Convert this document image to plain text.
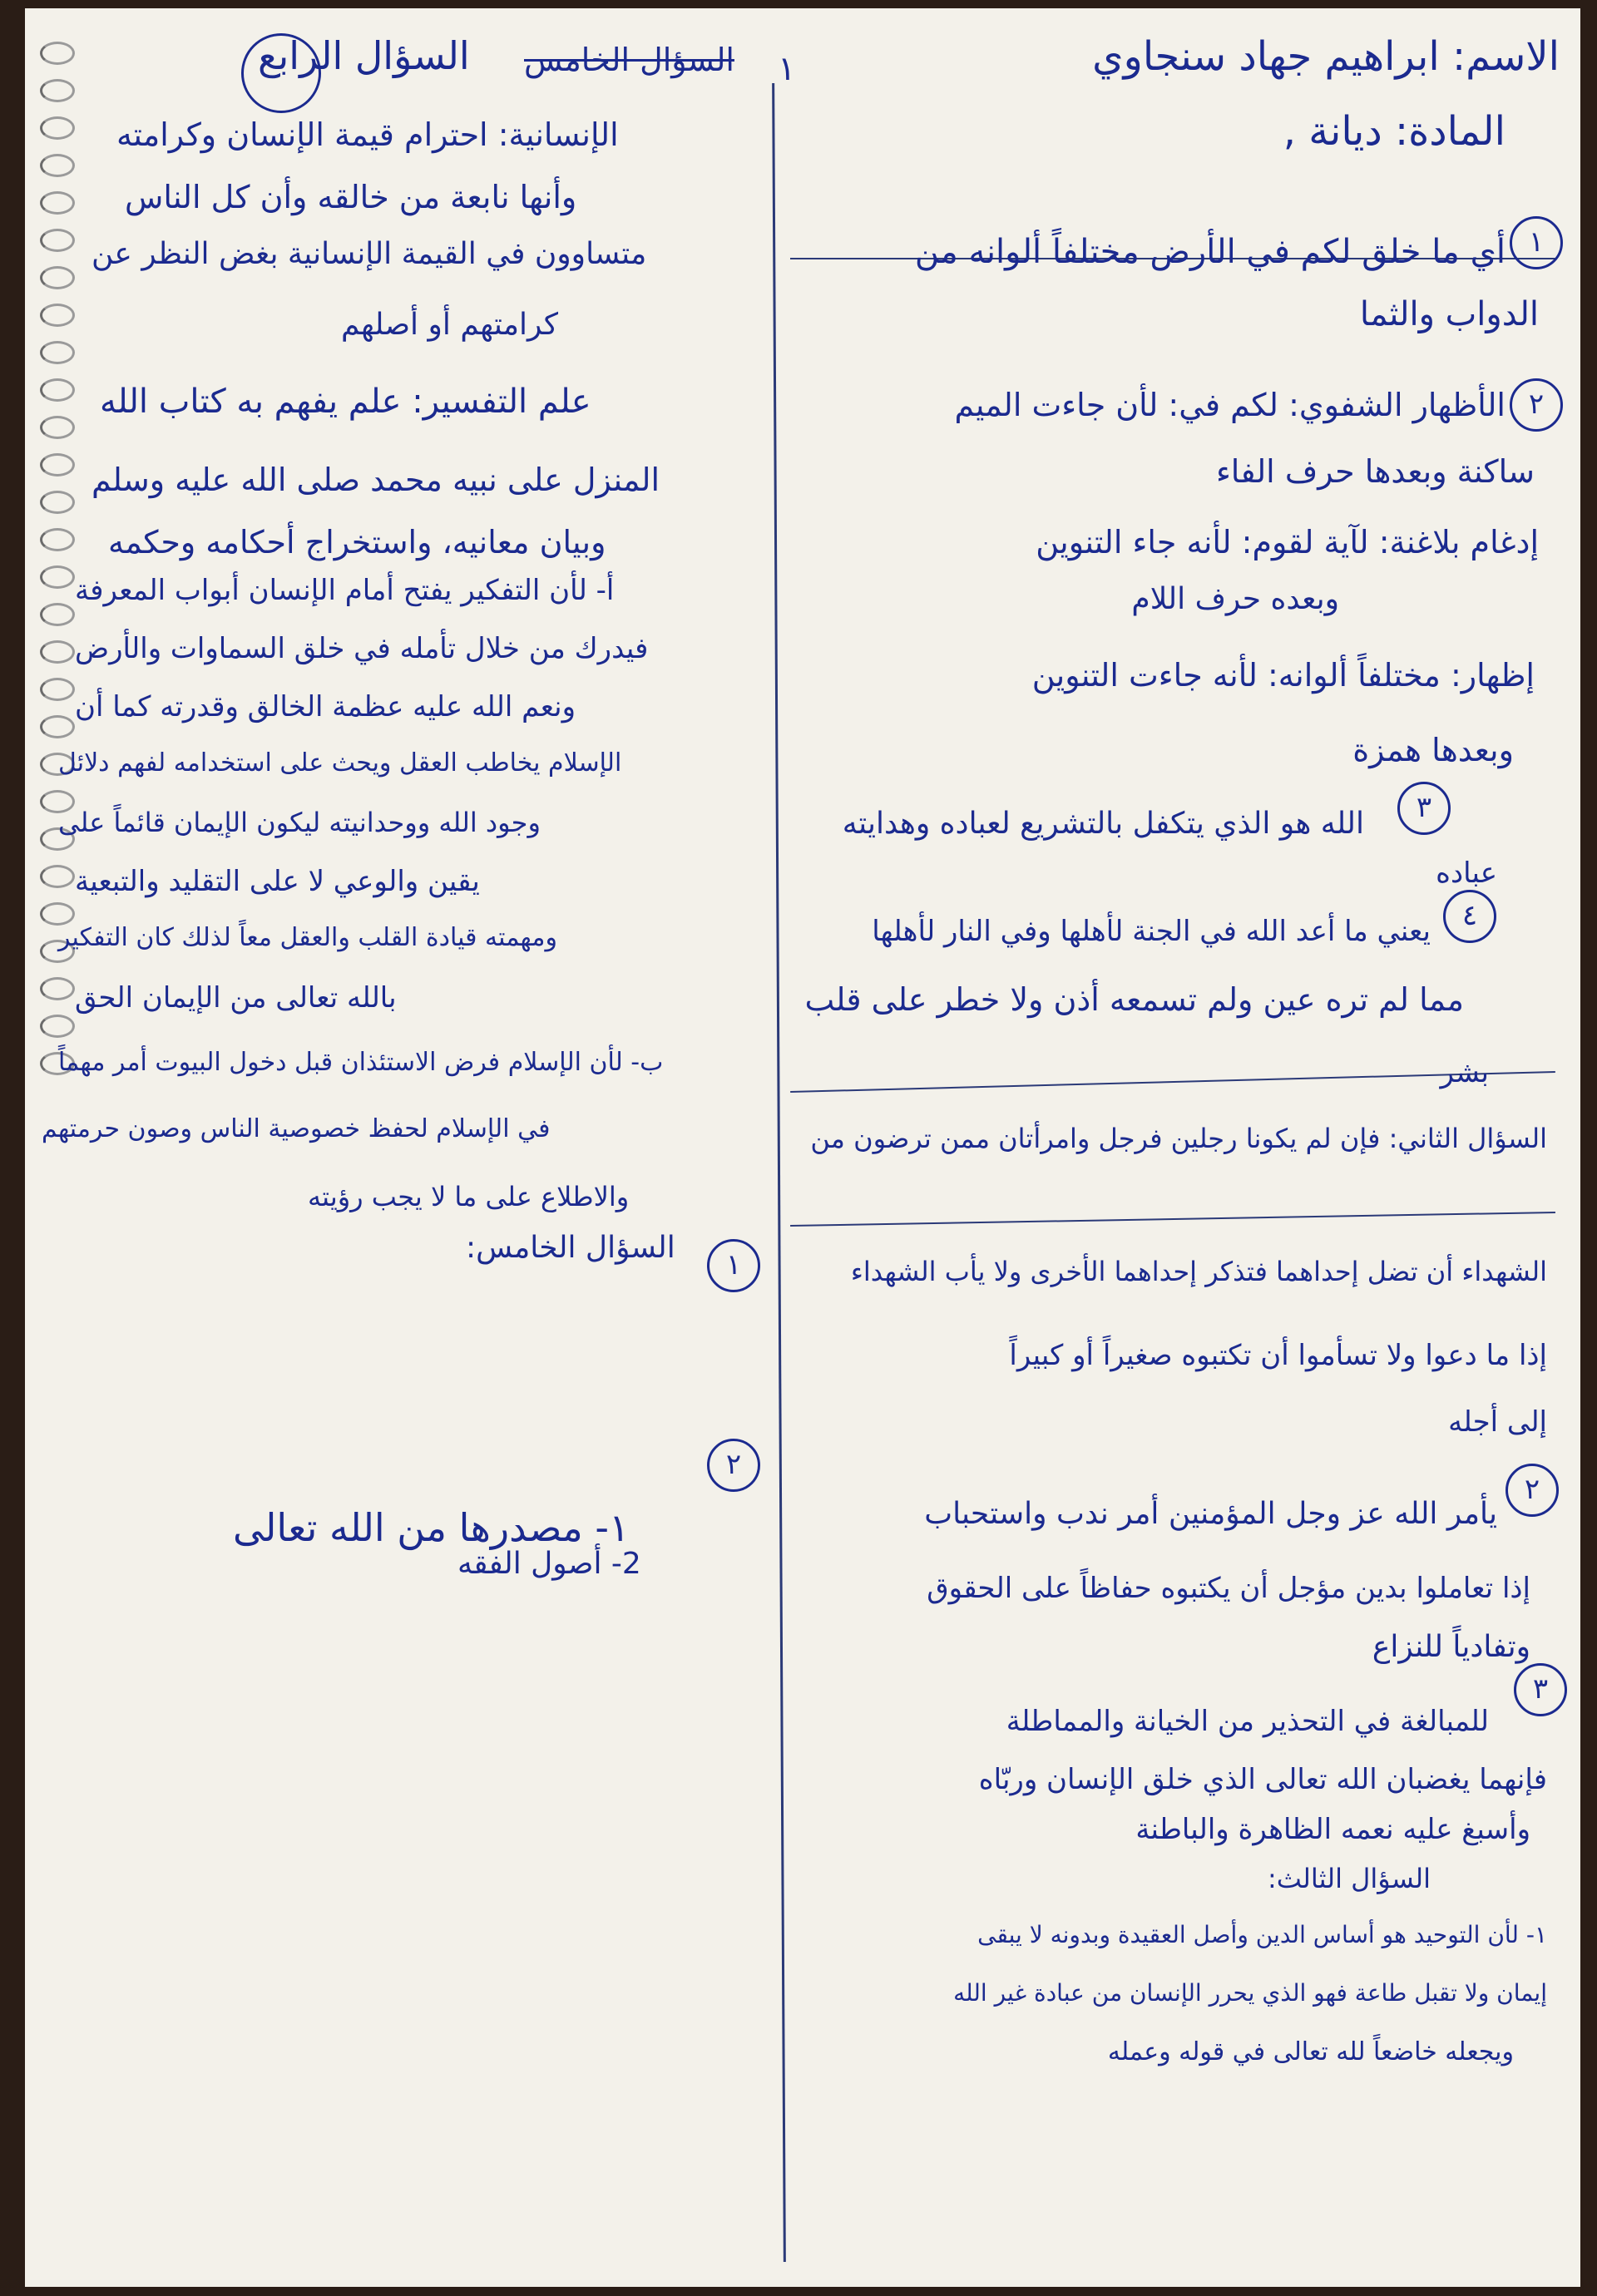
الاسم: ابراهيم جهاد سنجاوي
المادة: ديانة ,
١
السؤال الخامس
السؤال الرابع
١
أي ما خلق لكم في الأرض مختلفاً ألوانه من
الدواب والثما
٢
الأظهار الشفوي: لكم في: لأن جاءت الميم
ساكنة وبعدها حرف الفاء
إدغام بلاغنة: لآية لقوم: لأنه جاء التنوين
وبعده حرف اللام
إظهار: مختلفاً ألوانه: لأنه جاءت التنوين
وبعدها همزة
٣
الله هو الذي يتكفل بالتشريع لعباده وهدايته
عباده
٤
يعني ما أعد الله في الجنة لأهلها وفي النار لأهلها
مما لم تره عين ولم تسمعه أذن ولا خطر على قلب
بشر
١
السؤال الثاني: فإن لم يكونا رجلين فرجل وامرأتان ممن ترضون من
الشهداء أن تضل إحداهما فتذكر إحداهما الأخرى ولا يأب الشهداء
إذا ما دعوا ولا تسأموا أن تكتبوه صغيراً أو كبيراً
إلى أجله
٢
يأمر الله عز وجل المؤمنين أمر ندب واستحباب
إذا تعاملوا بدين مؤجل أن يكتبوه حفاظاً على الحقوق
وتفادياً للنزاع
٣
للمبالغة في التحذير من الخيانة والمماطلة
فإنهما يغضبان الله تعالى الذي خلق الإنسان وربّاه
وأسبغ عليه نعمه الظاهرة والباطنة
السؤال الثالث:
١- لأن التوحيد هو أساس الدين وأصل العقيدة وبدونه لا يبقى
إيمان ولا تقبل طاعة فهو الذي يحرر الإنسان من عبادة غير الله
ويجعله خاضعاً لله تعالى في قوله وعمله
الإنسانية: احترام قيمة الإنسان وكرامته
وأنها نابعة من خالقه وأن كل الناس
متساوون في القيمة الإنسانية بغض النظر عن
كرامتهم أو أصلهم
علم التفسير: علم يفهم به كتاب الله
المنزل على نبيه محمد صلى الله عليه وسلم
وبيان معانيه، واستخراج أحكامه وحكمه
أ- لأن التفكير يفتح أمام الإنسان أبواب المعرفة
فيدرك من خلال تأمله في خلق السماوات والأرض
ونعم الله عليه عظمة الخالق وقدرته كما أن
الإسلام يخاطب العقل ويحث على استخدامه لفهم دلائل
وجود الله ووحدانيته ليكون الإيمان قائماً على
يقين والوعي لا على التقليد والتبعية
ومهمته قيادة القلب والعقل معاً لذلك كان التفكير
بالله تعالى من الإيمان الحق
ب- لأن الإسلام فرض الاستئذان قبل دخول البيوت أمر مهماً
في الإسلام لحفظ خصوصية الناس وصون حرمتهم
والاطلاع على ما لا يجب رؤيته
السؤال الخامس:
٢
١- مصدرها من الله تعالى
2- أصول الفقه
